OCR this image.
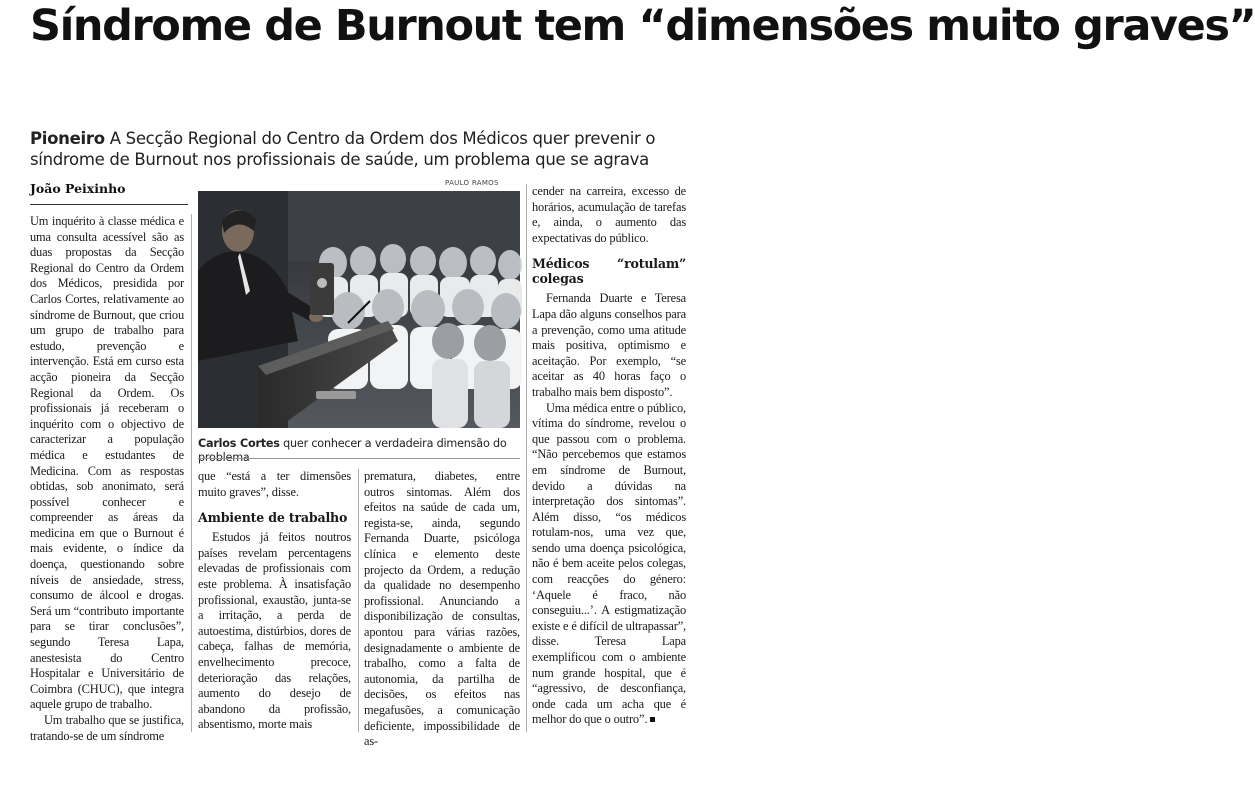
Síndrome de Burnout tem “dimensões muito graves”

Pioneiro A Secção Regional do Centro da Ordem dos Médicos quer prevenir o síndrome de Burnout nos profissionais de saúde, um problema que se agrava

João Peixinho

Um inquérito à classe médica e uma consulta acessível são as duas propostas da Secção Regional do Centro da Ordem dos Médicos, presidida por Carlos Cortes, relativamente ao síndrome de Burnout, que criou um grupo de trabalho para estudo, prevenção e intervenção. Está em curso esta acção pioneira da Secção Regional da Ordem. Os profissionais já receberam o inquérito com o objectivo de caracterizar a população médica e estudantes de Medicina. Com as respostas obtidas, sob anonimato, será possível conhecer e compreender as áreas da medicina em que o Burnout é mais evidente, o índice da doença, questionando sobre níveis de ansiedade, stress, consumo de álcool e drogas. Será um “contributo importante para se tirar conclusões”, segundo Teresa Lapa, anestesista do Centro Hospitalar e Universitário de Coimbra (CHUC), que integra aquele grupo de trabalho.

Um trabalho que se justifica, tratando-se de um síndrome

PAULO RAMOS

Carlos Cortes quer conhecer a verdadeira dimensão do problema

que “está a ter dimensões muito graves”, disse.

Ambiente de trabalho

Estudos já feitos noutros países revelam percentagens elevadas de profissionais com este problema. À insatisfação profissional, exaustão, junta-se a irritação, a perda de autoestima, distúrbios, dores de cabeça, falhas de memória, envelhecimento precoce, deterioração das relações, aumento do desejo de abandono da profissão, absentismo, morte mais

prematura, diabetes, entre outros sintomas. Além dos efeitos na saúde de cada um, regista-se, ainda, segundo Fernanda Duarte, psicóloga clínica e elemento deste projecto da Ordem, a redução da qualidade no desempenho profissional. Anunciando a disponibilização de consultas, apontou para várias razões, designadamente o ambiente de trabalho, como a falta de autonomia, da partilha de decisões, os efeitos nas megafusões, a comunicação deficiente, impossibilidade de as-

cender na carreira, excesso de horários, acumulação de tarefas e, ainda, o aumento das expectativas do público.

Médicos “rotulam” colegas

Fernanda Duarte e Teresa Lapa dão alguns conselhos para a prevenção, como uma atitude mais positiva, optimismo e aceitação. Por exemplo, “se aceitar as 40 horas faço o trabalho mais bem disposto”.

Uma médica entre o público, vítima do síndrome, revelou o que passou com o problema. “Não percebemos que estamos em síndrome de Burnout, devido a dúvidas na interpretação dos sintomas”. Além disso, “os médicos rotulam-nos, uma vez que, sendo uma doença psicológica, não é bem aceite pelos colegas, com reacções do género: ‘Aquele é fraco, não conseguiu...’. A estigmatização existe e é difícil de ultrapassar”, disse. Teresa Lapa exemplificou com o ambiente num grande hospital, que é “agressivo, de desconfiança, onde cada um acha que é melhor do que o outro”.
